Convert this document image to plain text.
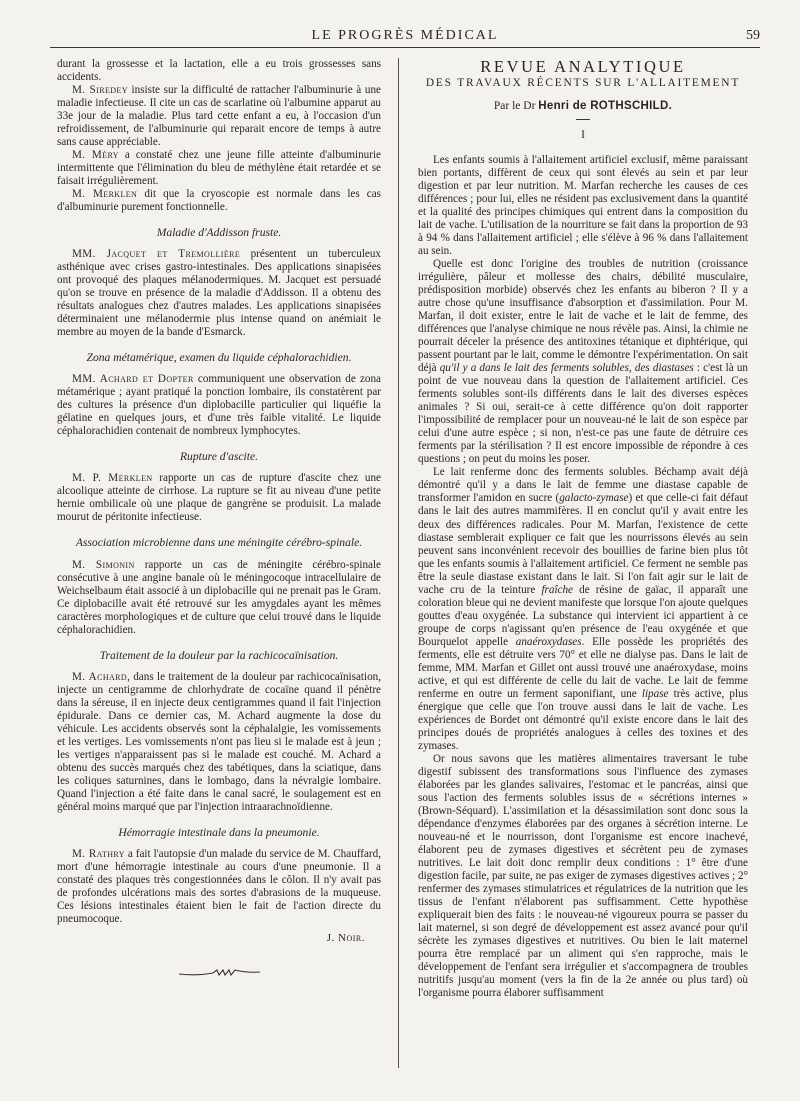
LE PROGRÈS MÉDICAL	59

durant la grossesse et la lactation, elle a eu trois grossesses sans accidents.

M. Siredey insiste sur la difficulté de rattacher l'albuminurie à une maladie infectieuse. Il cite un cas de scarlatine où l'albumine apparut au 33e jour de la maladie. Plus tard cette enfant a eu, à l'occasion d'un refroidissement, de l'albuminurie qui reparait encore de temps à autre sans cause appréciable.

M. Méry a constaté chez une jeune fille atteinte d'albuminurie intermittente que l'élimination du bleu de méthylène était retardée et se faisait irrégulièrement.

M. Merklen dit que la cryoscopie est normale dans les cas d'albuminurie purement fonctionnelle.

Maladie d'Addisson fruste.

MM. Jacquet et Tremollière présentent un tuberculeux asthénique avec crises gastro-intestinales. Des applications sinapisées ont provoqué des plaques mélanodermiques. M. Jacquet est persuadé qu'on se trouve en présence de la maladie d'Addisson. Il a obtenu des résultats analogues chez d'autres malades. Les applications sinapisées déterminaient une mélanodermie plus intense quand on anémiait le membre au moyen de la bande d'Esmarck.

Zona métamérique, examen du liquide céphalorachidien.

MM. Achard et Dopter communiquent une observation de zona métamérique ; ayant pratiqué la ponction lombaire, ils constatèrent par des cultures la présence d'un diplobacille particulier qui liquéfie la gélatine en quelques jours, et d'une très faible vitalité. Le liquide céphalorachidien contenait de nombreux lymphocytes.

Rupture d'ascite.

M. P. Merklen rapporte un cas de rupture d'ascite chez une alcoolique atteinte de cirrhose. La rupture se fit au niveau d'une petite hernie ombilicale où une plaque de gangrène se produisit. La malade mourut de péritonite infectieuse.

Association microbienne dans une méningite cérébro-spinale.

M. Simonin rapporte un cas de méningite cérébro-spinale consécutive à une angine banale où le méningocoque intracellulaire de Weichselbaum était associé à un diplobacille qui ne prenait pas le Gram. Ce diplobacille avait été retrouvé sur les amygdales ayant les mêmes caractères morphologiques et de culture que celui trouvé dans le liquide céphalorachidien.

Traitement de la douleur par la rachicocaïnisation.

M. Achard, dans le traitement de la douleur par rachicocaïnisation, injecte un centigramme de chlorhydrate de cocaïne quand il pénètre dans la séreuse, il en injecte deux centigrammes quand il fait l'injection épidurale. Dans ce dernier cas, M. Achard augmente la dose du véhicule. Les accidents observés sont la céphalalgie, les vomissements et les vertiges. Les vomissements n'ont pas lieu si le malade est à jeun ; les vertiges n'apparaissent pas si le malade est couché. M. Achard a obtenu des succès marqués chez des tabétiques, dans la sciatique, dans les coliques saturnines, dans le lombago, dans la névralgie lombaire. Quand l'injection a été faite dans le canal sacré, le soulagement est en général moins marqué que par l'injection intraarachnoïdienne.

Hémorragie intestinale dans la pneumonie.

M. Rathry a fait l'autopsie d'un malade du service de M. Chauffard, mort d'une hémorragie intestinale au cours d'une pneumonie. Il a constaté des plaques très congestionnées dans le côlon. Il n'y avait pas de profondes ulcérations mais des sortes d'abrasions de la muqueuse. Ces lésions intestinales étaient bien le fait de l'action directe du pneumocoque.

J. Noir.
REVUE ANALYTIQUE
DES TRAVAUX RÉCENTS SUR L'ALLAITEMENT
Par le Dr Henri de ROTHSCHILD.
I

Les enfants soumis à l'allaitement artificiel exclusif, même paraissant bien portants, diffèrent de ceux qui sont élevés au sein et par leur digestion et par leur nutrition. M. Marfan recherche les causes de ces différences ; pour lui, elles ne résident pas exclusivement dans la quantité et la qualité des principes chimiques qui entrent dans la composition du lait de vache. L'utilisation de la nourriture se fait dans la proportion de 93 à 94 % dans l'allaitement artificiel ; elle s'élève à 96 % dans l'allaitement au sein.

Quelle est donc l'origine des troubles de nutrition (croissance irrégulière, pâleur et mollesse des chairs, débilité musculaire, prédisposition morbide) observés chez les enfants au biberon ? Il y a autre chose qu'une insuffisance d'absorption et d'assimilation. Pour M. Marfan, il doit exister, entre le lait de vache et le lait de femme, des différences que l'analyse chimique ne nous révèle pas. Ainsi, la chimie ne pourrait déceler la présence des antitoxines tétanique et diphtérique, qui passent pourtant par le lait, comme le démontre l'expérimentation. On sait déjà qu'il y a dans le lait des ferments solubles, des diastases : c'est là un point de vue nouveau dans la question de l'allaitement artificiel. Ces ferments solubles sont-ils différents dans le lait des diverses espèces animales ? Si oui, serait-ce à cette différence qu'on doit rapporter l'impossibilité de remplacer pour un nouveau-né le lait de son espèce par celui d'une autre espèce ; si non, n'est-ce pas une faute de détruire ces ferments par la stérilisation ? Il est encore impossible de répondre à ces questions ; on peut du moins les poser.

Le lait renferme donc des ferments solubles. Béchamp avait déjà démontré qu'il y a dans le lait de femme une diastase capable de transformer l'amidon en sucre (galacto-zymase) et que celle-ci fait défaut dans le lait des autres mammifères. Il en conclut qu'il y avait entre les deux des différences radicales. Pour M. Marfan, l'existence de cette diastase semblerait expliquer ce fait que les nourrissons élevés au sein peuvent sans inconvénient recevoir des bouillies de farine bien plus tôt que les enfants soumis à l'allaitement artificiel. Ce ferment ne semble pas être la seule diastase existant dans le lait. Si l'on fait agir sur le lait de vache cru de la teinture fraîche de résine de gaïac, il apparaît une coloration bleue qui ne devient manifeste que lorsque l'on ajoute quelques gouttes d'eau oxygénée. La substance qui intervient ici appartient à ce groupe de corps n'agissant qu'en présence de l'eau oxygénée et que Bourquelot appelle anaéroxydases. Elle possède les propriétés des ferments, elle est détruite vers 70° et elle ne dialyse pas. Dans le lait de femme, MM. Marfan et Gillet ont aussi trouvé une anaéroxydase, moins active, et qui est différente de celle du lait de vache. Le lait de femme renferme en outre un ferment saponifiant, une lipase très active, plus énergique que celle que l'on trouve aussi dans le lait de vache. Les expériences de Bordet ont démontré qu'il existe encore dans le lait des principes doués de propriétés analogues à celles des toxines et des zymases.

Or nous savons que les matières alimentaires traversant le tube digestif subissent des transformations sous l'influence des zymases élaborées par les glandes salivaires, l'estomac et le pancréas, ainsi que sous l'action des ferments solubles issus de « sécrétions internes » (Brown-Séquard). L'assimilation et la désassimilation sont donc sous la dépendance d'enzymes élaborées par des organes à sécrétion interne. Le nouveau-né et le nourrisson, dont l'organisme est encore inachevé, élaborent peu de zymases digestives et sécrètent peu de zymases nutritives. Le lait doit donc remplir deux conditions : 1° être d'une digestion facile, par suite, ne pas exiger de zymases digestives actives ; 2° renfermer des zymases stimulatrices et régulatrices de la nutrition que les tissus de l'enfant n'élaborent pas suffisamment. Cette hypothèse expliquerait bien des faits : le nouveau-né vigoureux pourra se passer du lait maternel, si son degré de développement est assez avancé pour qu'il sécrète les zymases digestives et nutritives. Ou bien le lait maternel pourra être remplacé par un aliment qui s'en rapproche, mais le développement de l'enfant sera irrégulier et s'accompagnera de troubles nutritifs jusqu'au moment (vers la fin de la 2e année ou plus tard) où l'organisme pourra élaborer suffisamment
